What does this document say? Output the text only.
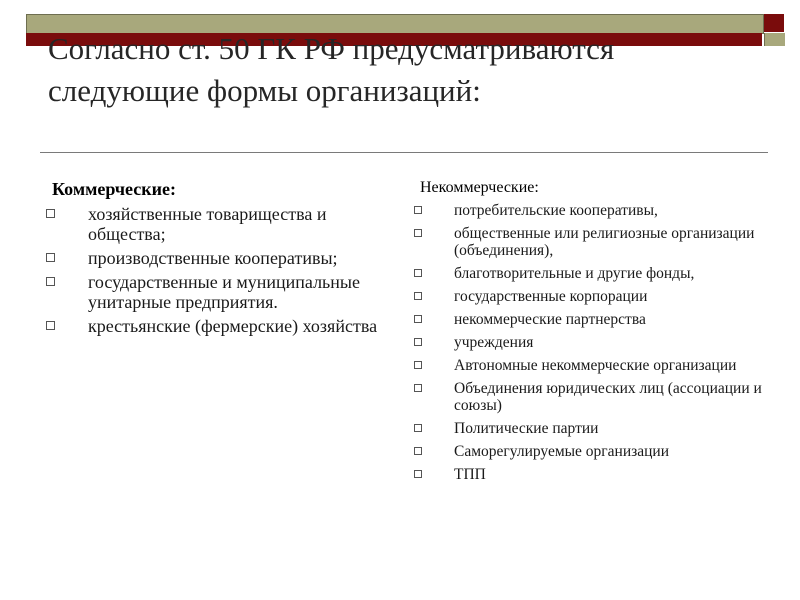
Согласно ст. 50 ГК РФ предусматриваются следующие формы организаций:
Коммерческие:
хозяйственные товарищества и общества;
производственные кооперативы;
государственные и муниципальные унитарные предприятия.
крестьянские (фермерские) хозяйства
Некоммерческие:
потребительские кооперативы,
общественные или религиозные организации (объединения),
благотворительные и другие фонды,
государственные корпорации
некоммерческие партнерства
учреждения
Автономные некоммерческие организации
Объединения юридических лиц (ассоциации и союзы)
Политические партии
Саморегулируемые организации
ТПП
